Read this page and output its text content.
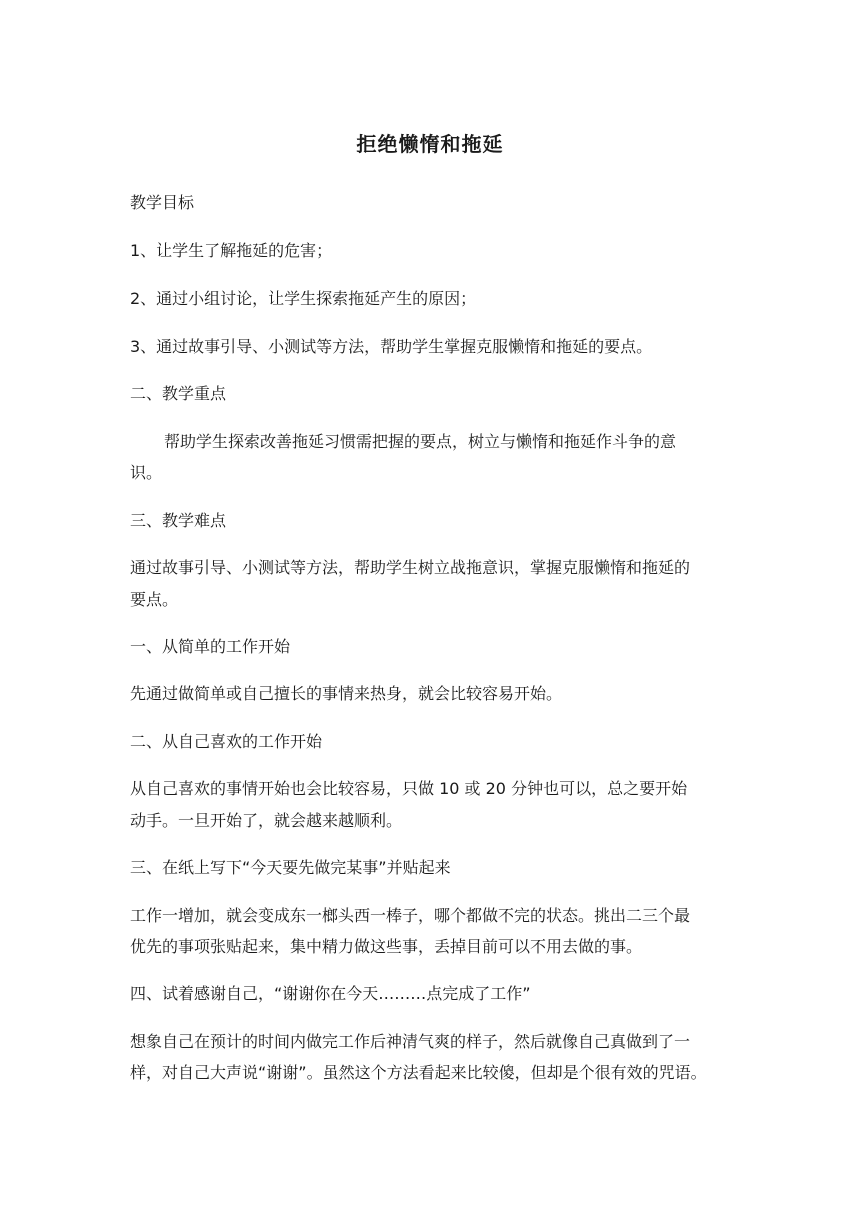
拒绝懒惰和拖延
教学目标
1、让学生了解拖延的危害；
2、通过小组讨论，让学生探索拖延产生的原因；
3、通过故事引导、小测试等方法，帮助学生掌握克服懒惰和拖延的要点。
二、教学重点
帮助学生探索改善拖延习惯需把握的要点，树立与懒惰和拖延作斗争的意
识。
三、教学难点
通过故事引导、小测试等方法，帮助学生树立战拖意识，掌握克服懒惰和拖延的
要点。
一、从简单的工作开始
先通过做简单或自己擅长的事情来热身，就会比较容易开始。
二、从自己喜欢的工作开始
从自己喜欢的事情开始也会比较容易，只做 10 或 20 分钟也可以，总之要开始
动手。一旦开始了，就会越来越顺利。
三、在纸上写下“今天要先做完某事”并贴起来
工作一增加，就会变成东一榔头西一棒子，哪个都做不完的状态。挑出二三个最
优先的事项张贴起来，集中精力做这些事，丢掉目前可以不用去做的事。
四、试着感谢自己，“谢谢你在今天………点完成了工作”
想象自己在预计的时间内做完工作后神清气爽的样子，然后就像自己真做到了一
样，对自己大声说“谢谢”。虽然这个方法看起来比较傻，但却是个很有效的咒语。
